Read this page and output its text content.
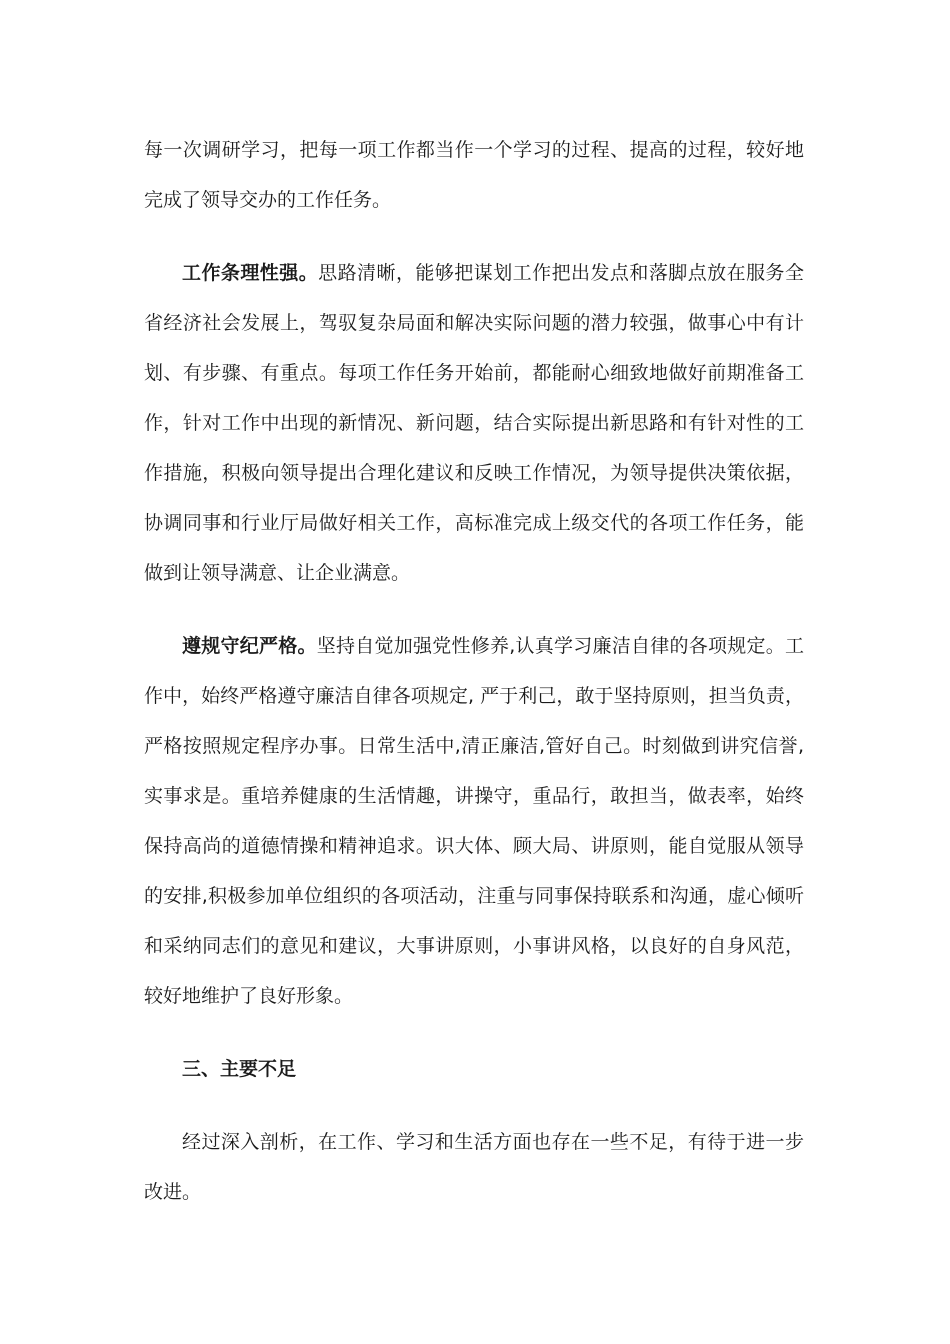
每一次调研学习，把每一项工作都当作一个学习的过程、提高的过程，较好地完成了领导交办的工作任务。

工作条理性强。思路清晰，能够把谋划工作把出发点和落脚点放在服务全省经济社会发展上，驾驭复杂局面和解决实际问题的潜力较强，做事心中有计划、有步骤、有重点。每项工作任务开始前，都能耐心细致地做好前期准备工作，针对工作中出现的新情况、新问题，结合实际提出新思路和有针对性的工作措施，积极向领导提出合理化建议和反映工作情况，为领导提供决策依据，协调同事和行业厅局做好相关工作，高标准完成上级交代的各项工作任务，能做到让领导满意、让企业满意。

遵规守纪严格。坚持自觉加强党性修养,认真学习廉洁自律的各项规定。工作中，始终严格遵守廉洁自律各项规定, 严于利己，敢于坚持原则，担当负责，严格按照规定程序办事。日常生活中,清正廉洁,管好自己。时刻做到讲究信誉,实事求是。重培养健康的生活情趣，讲操守，重品行，敢担当，做表率，始终保持高尚的道德情操和精神追求。识大体、顾大局、讲原则，能自觉服从领导的安排,积极参加单位组织的各项活动，注重与同事保持联系和沟通，虚心倾听和采纳同志们的意见和建议，大事讲原则，小事讲风格，以良好的自身风范，较好地维护了良好形象。

三、主要不足

经过深入剖析，在工作、学习和生活方面也存在一些不足，有待于进一步改进。
